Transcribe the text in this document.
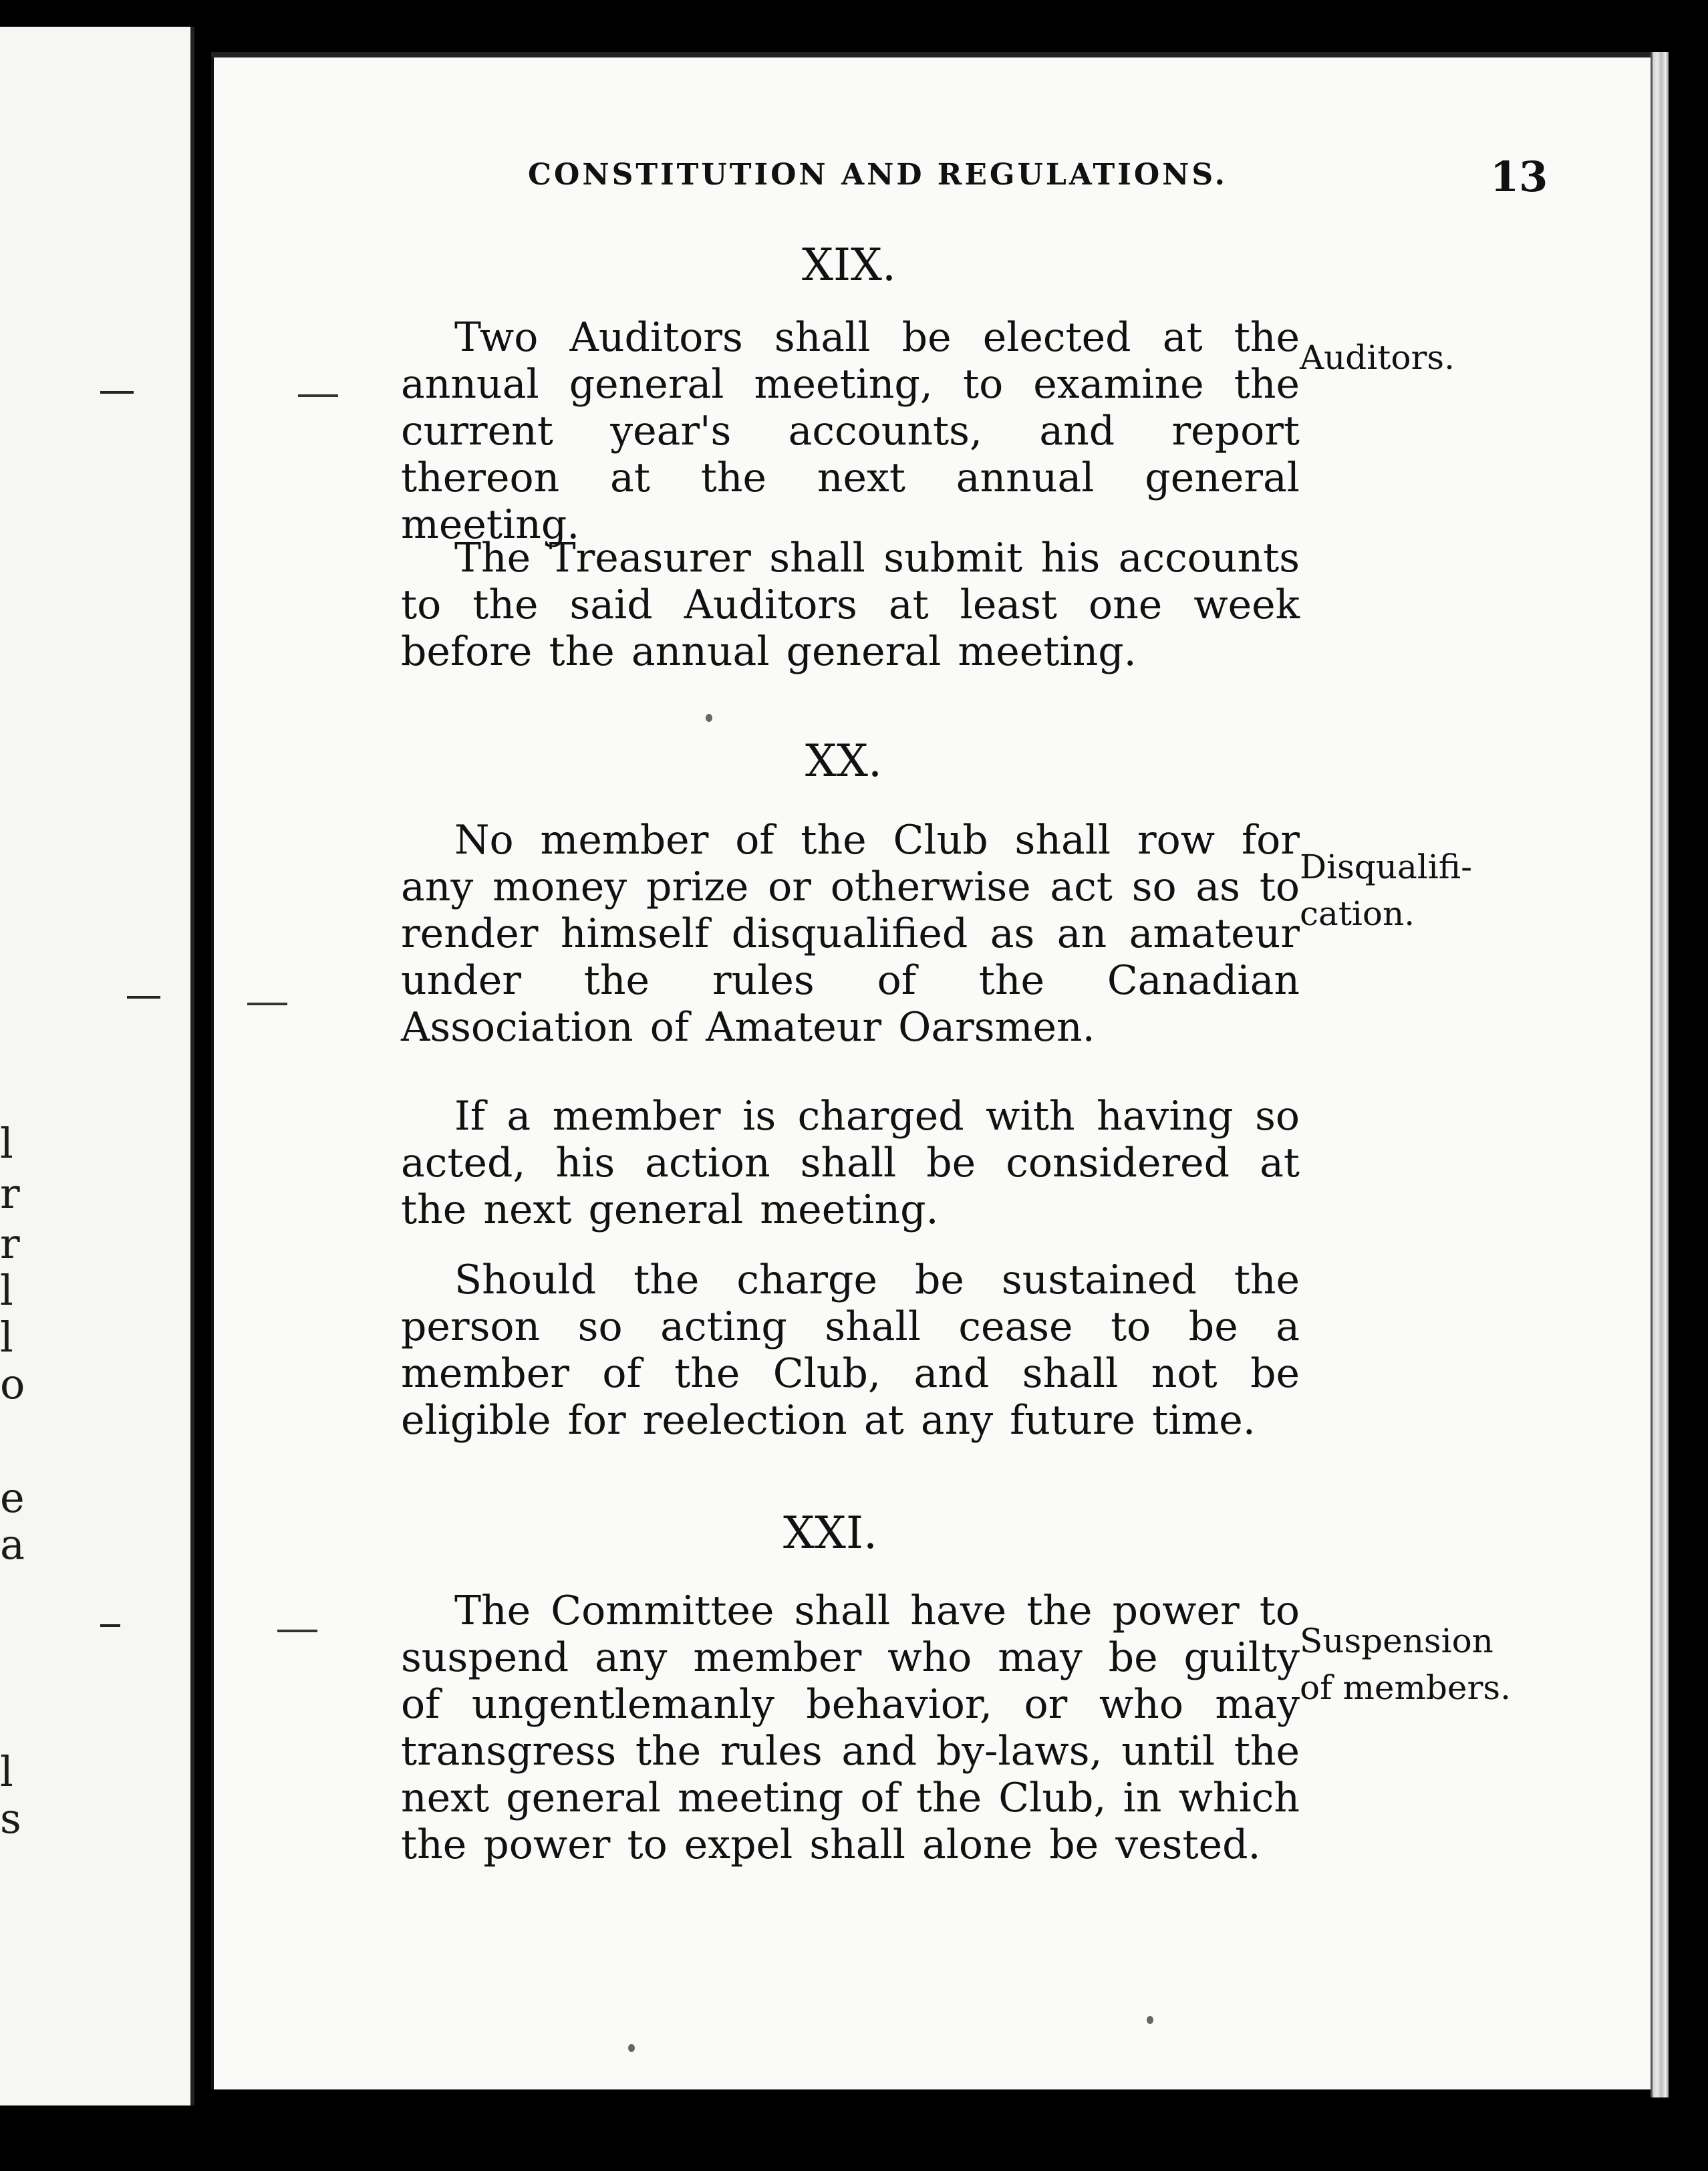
l
r
r
l
l
o
e
a
l
s
CONSTITUTION AND REGULATIONS.	13
XIX.
Two Auditors shall be elected at the annual general meeting, to examine the current year's accounts, and report thereon at the next annual general meeting.
Auditors.
The Treasurer shall submit his accounts to the said Auditors at least one week before the annual general meeting.
XX.
No member of the Club shall row for any money prize or otherwise act so as to render himself disqualified as an amateur under the rules of the Canadian Association of Amateur Oarsmen.
Disqualifi- cation.
If a member is charged with having so acted, his action shall be considered at the next general meeting.
Should the charge be sustained the person so acting shall cease to be a member of the Club, and shall not be eligible for reelection at any future time.
XXI.
The Committee shall have the power to suspend any member who may be guilty of ungentlemanly behavior, or who may transgress the rules and by-laws, until the next general meeting of the Club, in which the power to expel shall alone be vested.
Suspension of members.
